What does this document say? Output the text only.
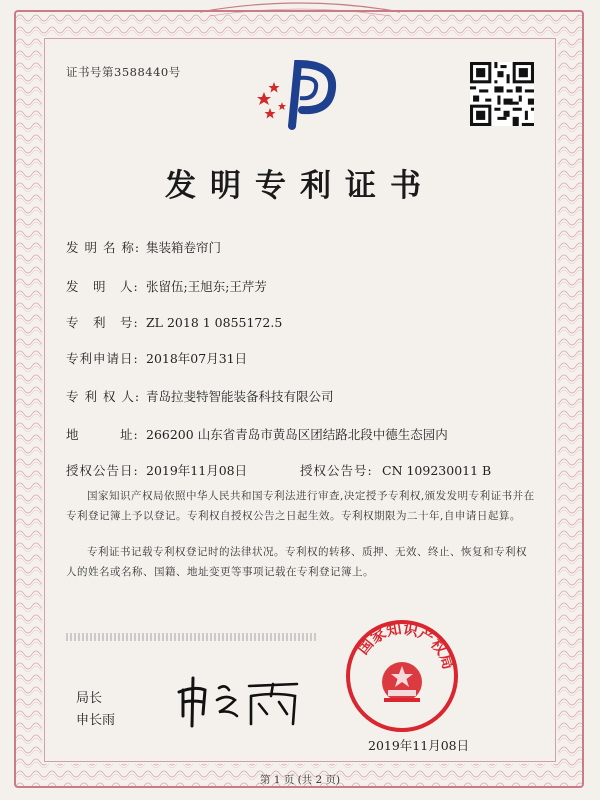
证书号第3588440号
发明专利证书
发 明 名 称: 集装箱卷帘门
发　明　人: 张留伍;王旭东;王芹芳
专　利　号: ZL 2018 1 0855172.5
专利申请日: 2018年07月31日
专 利 权 人: 青岛拉斐特智能装备科技有限公司
地　　　址: 266200 山东省青岛市黄岛区团结路北段中德生态园内
授权公告日: 2019年11月08日	授权公告号: CN 109230011 B
国家知识产权局依照中华人民共和国专利法进行审查,决定授予专利权,颁发发明专利证书并在专利登记簿上予以登记。专利权自授权公告之日起生效。专利权期限为二十年,自申请日起算。
专利证书记载专利权登记时的法律状况。专利权的转移、质押、无效、终止、恢复和专利权人的姓名或名称、国籍、地址变更等事项记载在专利登记簿上。
局长
申长雨
国家知识产权局
2019年11月08日
第 1 页 (共 2 页)
